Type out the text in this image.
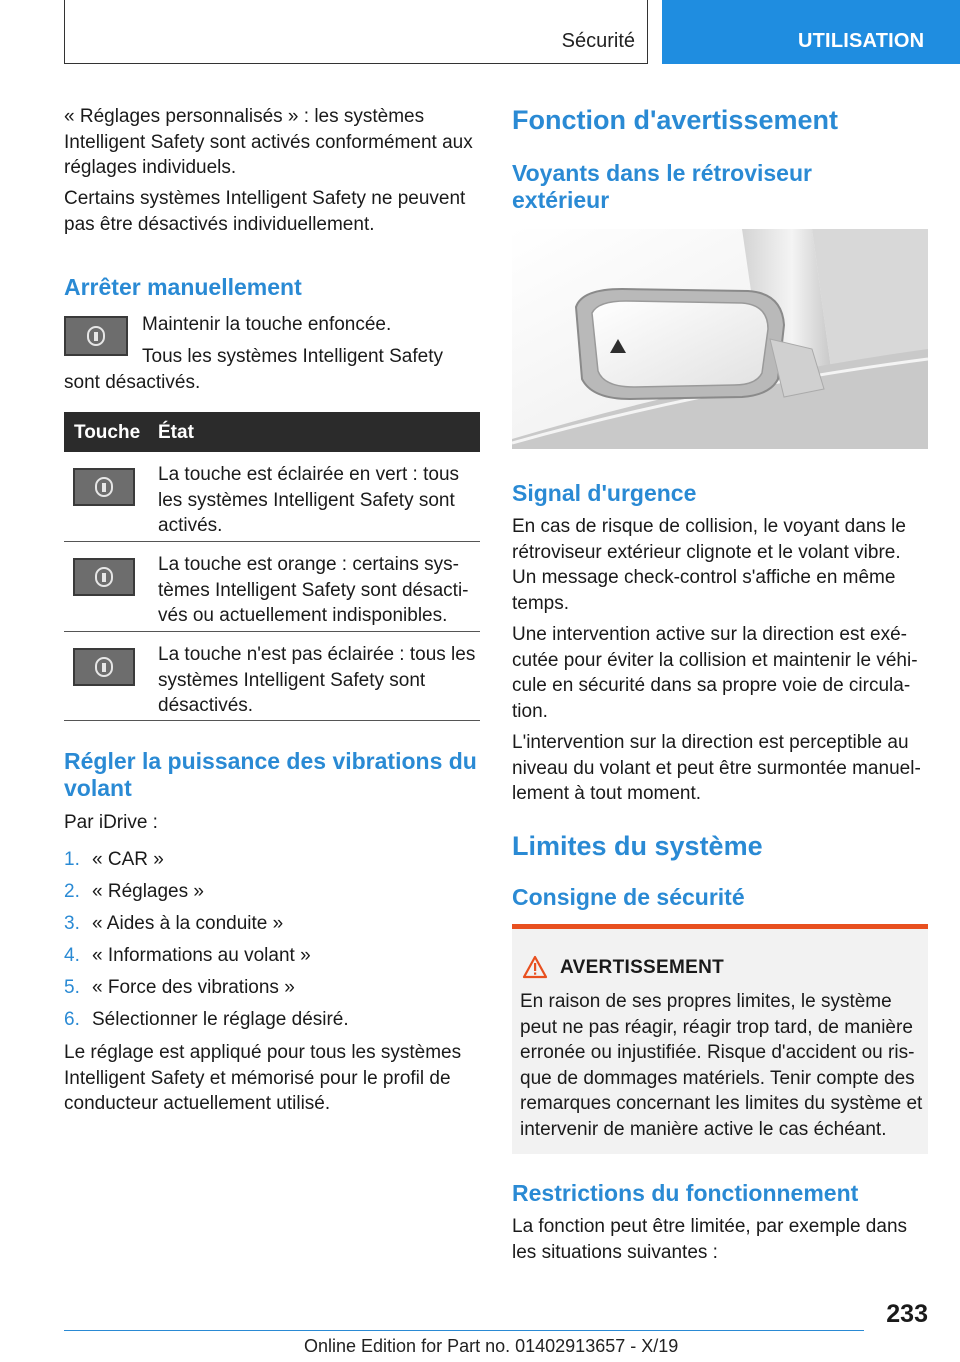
Sécurité	UTILISATION

« Réglages personnalisés » : les systèmes Intelligent Safety sont activés conformément aux réglages individuels.

Certains systèmes Intelligent Safety ne peuvent pas être désactivés individuellement.

Arrêter manuellement

Maintenir la touche enfoncée.

Tous les systèmes Intelligent Safety

sont désactivés.

Touche État
La touche est éclairée en vert : tous les systèmes Intelligent Safety sont activés.
La touche est orange : certains systèmes Intelligent Safety sont désactivés ou actuellement indisponibles.
La touche n'est pas éclairée : tous les systèmes Intelligent Safety sont désactivés.
Régler la puissance des vibrations du volant

Par iDrive :

1. « CAR »
2. « Réglages »
3. « Aides à la conduite »
4. « Informations au volant »
5. « Force des vibrations »
6. Sélectionner le réglage désiré.

Le réglage est appliqué pour tous les systèmes Intelligent Safety et mémorisé pour le profil de conducteur actuellement utilisé.

Fonction d'avertissement
Voyants dans le rétroviseur extérieur
Signal d'urgence

En cas de risque de collision, le voyant dans le rétroviseur extérieur clignote et le volant vibre. Un message check-control s'affiche en même temps.

Une intervention active sur la direction est exécutée pour éviter la collision et maintenir le véhicule en sécurité dans sa propre voie de circulation.

L'intervention sur la direction est perceptible au niveau du volant et peut être surmontée manuellement à tout moment.

Limites du système
Consigne de sécurité
AVERTISSEMENT
En raison de ses propres limites, le système peut ne pas réagir, réagir trop tard, de manière erronée ou injustifiée. Risque d'accident ou risque de dommages matériels. Tenir compte des remarques concernant les limites du système et intervenir de manière active le cas échéant.
Restrictions du fonctionnement

La fonction peut être limitée, par exemple dans les situations suivantes :

233
Online Edition for Part no. 01402913657 - X/19
